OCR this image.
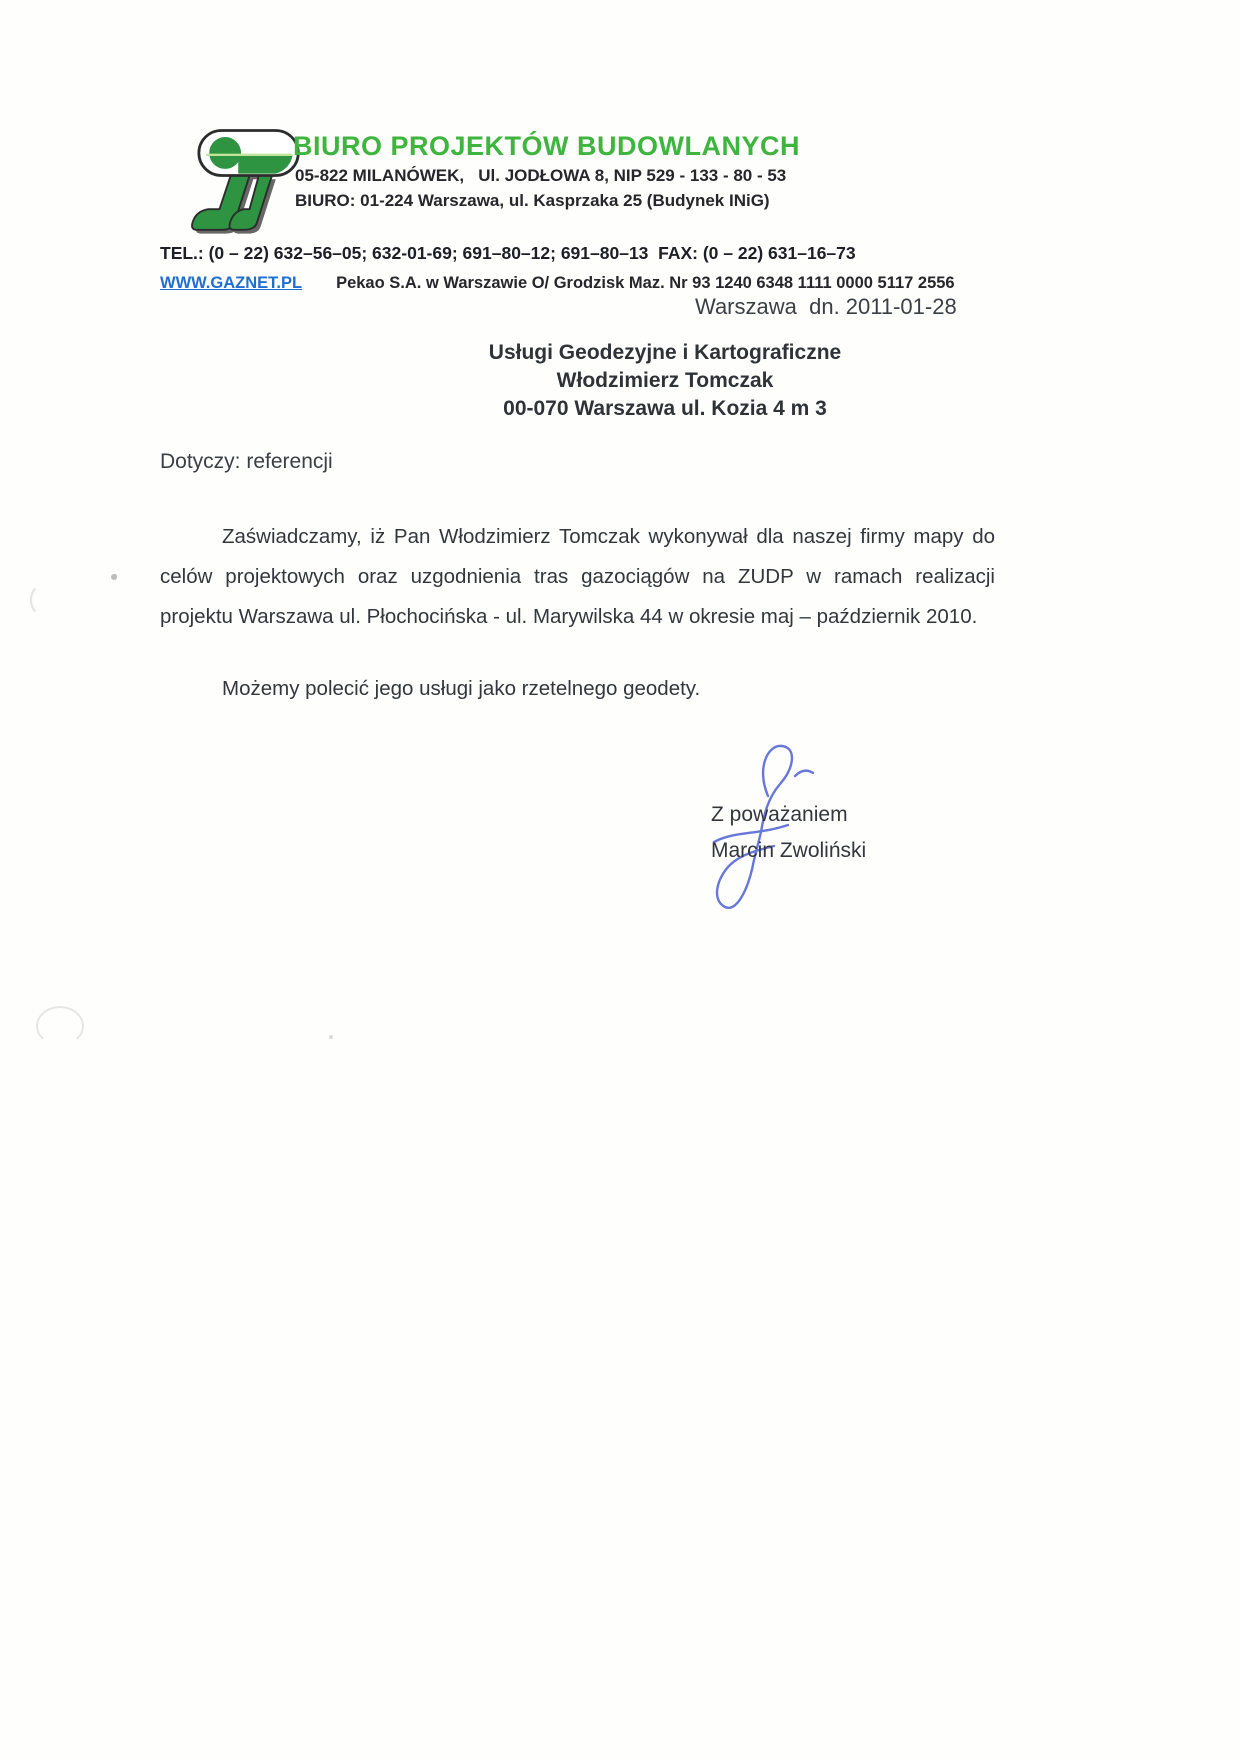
BIURO PROJEKTÓW BUDOWLANYCH
05-822 MILANÓWEK,   Ul. JODŁOWA 8, NIP 529 - 133 - 80 - 53
BIURO: 01-224 Warszawa, ul. Kasprzaka 25 (Budynek INiG)
TEL.: (0 – 22) 632–56–05; 632-01-69; 691–80–12; 691–80–13  FAX: (0 – 22) 631–16–73
WWW.GAZNET.PL Pekao S.A. w Warszawie O/ Grodzisk Maz. Nr 93 1240 6348 1111 0000 5117 2556
Warszawa  dn. 2011-01-28
Usługi Geodezyjne i Kartograficzne
Włodzimierz Tomczak
00-070 Warszawa ul. Kozia 4 m 3
Dotyczy: referencji

Zaświadczamy, iż Pan Włodzimierz Tomczak wykonywał dla naszej firmy mapy do celów projektowych oraz uzgodnienia tras gazociągów na ZUDP w ramach realizacji projektu Warszawa ul. Płochocińska - ul. Marywilska 44 w okresie maj – październik 2010.

Możemy polecić jego usługi jako rzetelnego geodety.

Z poważaniem
Marcin Zwoliński
